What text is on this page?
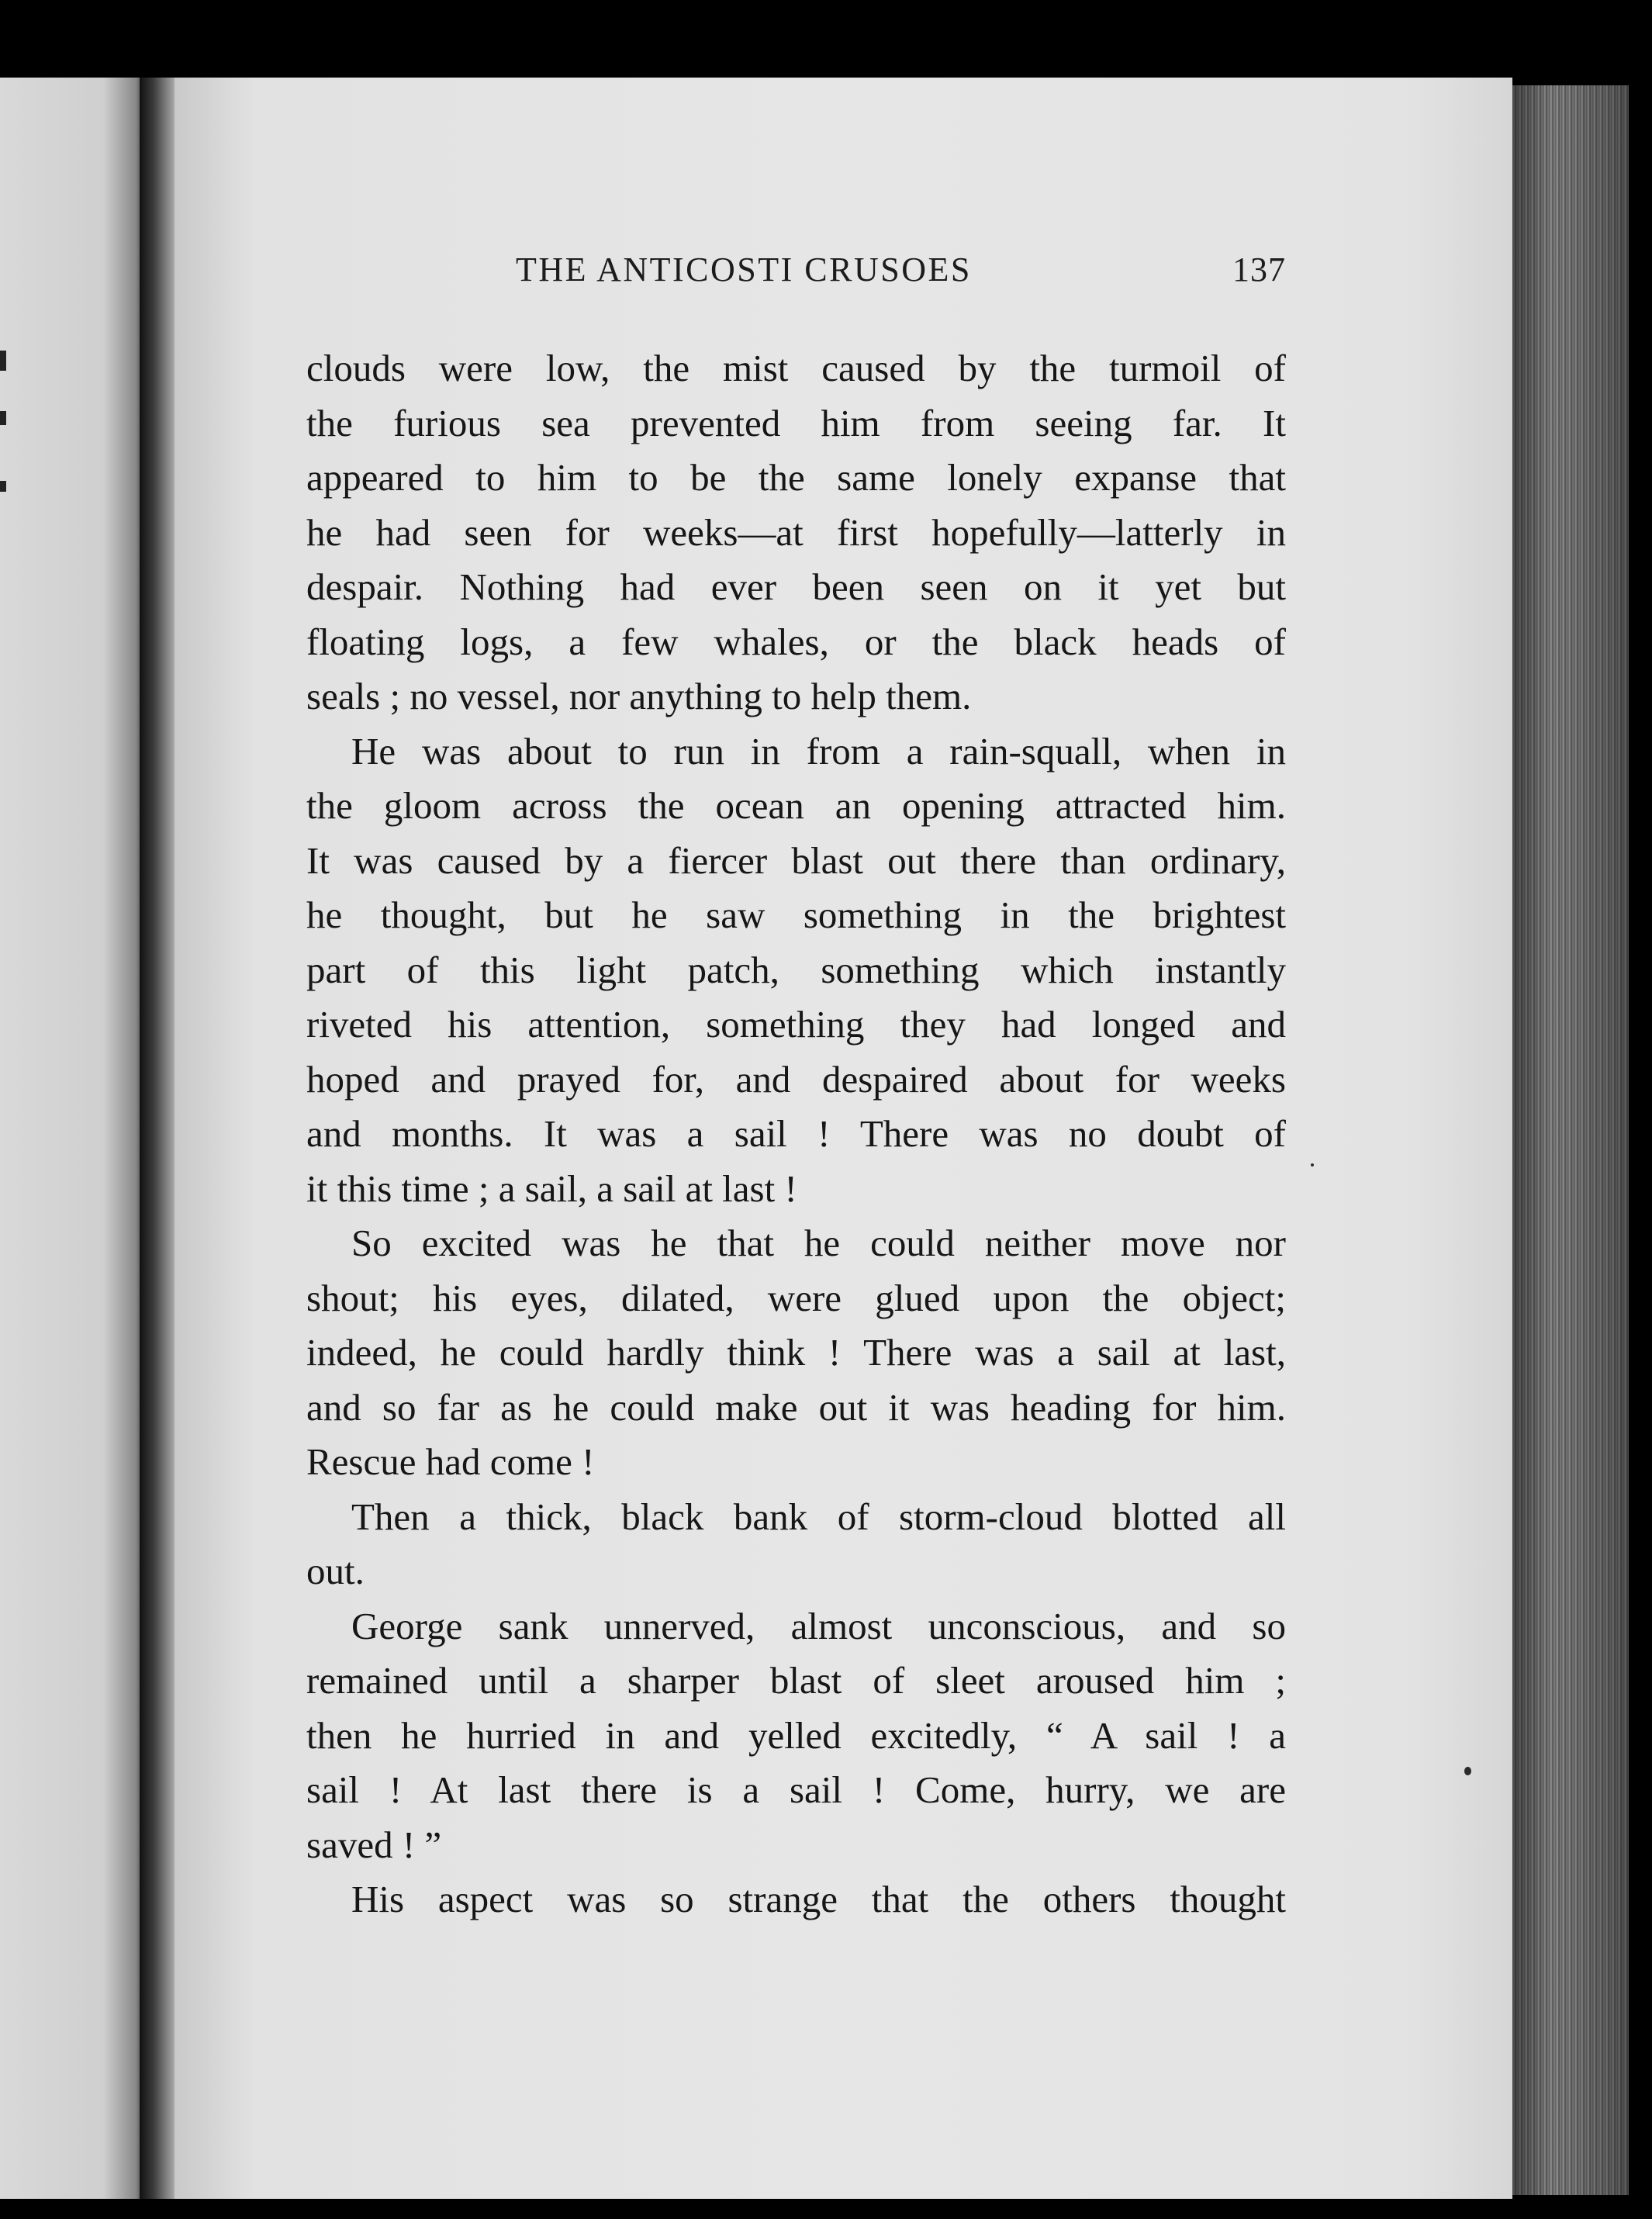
THE ANTICOSTI CRUSOES	137
clouds were low, the mist caused by the turmoil of
the furious sea prevented him from seeing far. It
appeared to him to be the same lonely expanse that
he had seen for weeks—at first hopefully—latterly in
despair. Nothing had ever been seen on it yet but
floating logs, a few whales, or the black heads of
seals ; no vessel, nor anything to help them.
He was about to run in from a rain-squall, when in
the gloom across the ocean an opening attracted him.
It was caused by a fiercer blast out there than ordinary,
he thought, but he saw something in the brightest
part of this light patch, something which instantly
riveted his attention, something they had longed and
hoped and prayed for, and despaired about for weeks
and months. It was a sail ! There was no doubt of
it this time ; a sail, a sail at last !
So excited was he that he could neither move nor
shout; his eyes, dilated, were glued upon the object;
indeed, he could hardly think ! There was a sail at last,
and so far as he could make out it was heading for him.
Rescue had come !
Then a thick, black bank of storm-cloud blotted all
out.
George sank unnerved, almost unconscious, and so
remained until a sharper blast of sleet aroused him ;
then he hurried in and yelled excitedly, “ A sail ! a
sail ! At last there is a sail ! Come, hurry, we are
saved ! ”
His aspect was so strange that the others thought
